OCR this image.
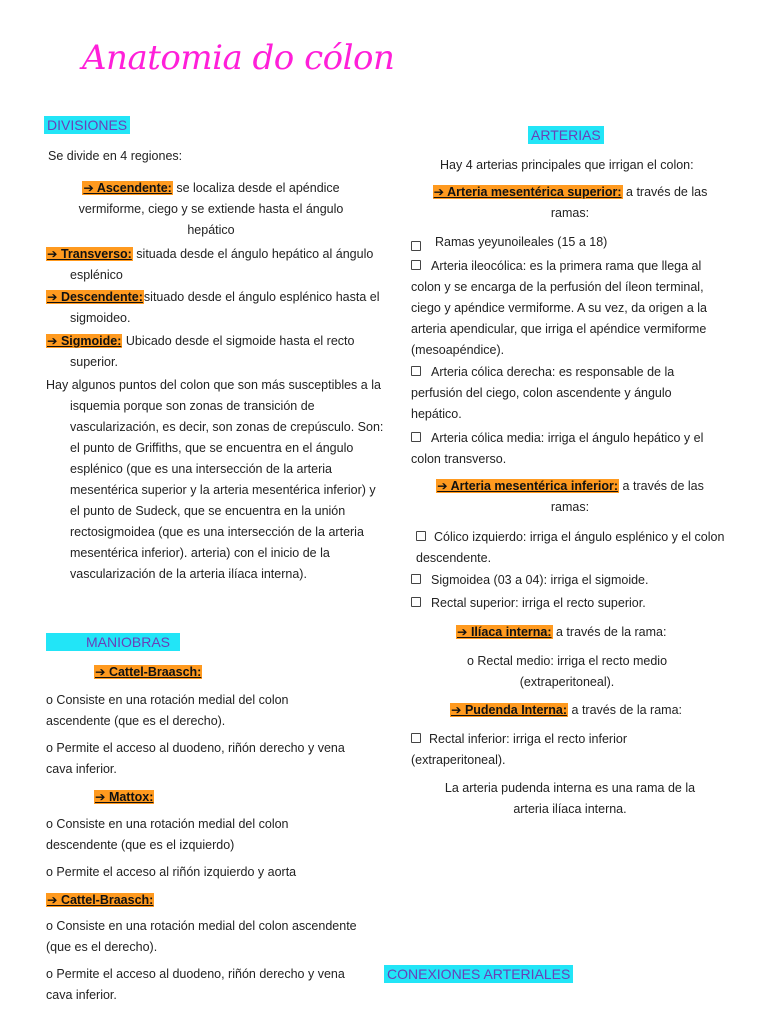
Anatomia do cólon
DIVISIONES
Se divide en 4 regiones:
➔ Ascendente: se localiza desde el apéndice vermiforme, ciego y se extiende hasta el ángulo hepático
➔ Transverso: situada desde el ángulo hepático al ángulo esplénico
➔ Descendente:situado desde el ángulo esplénico hasta el sigmoideo.
➔ Sigmoide: Ubicado desde el sigmoide hasta el recto superior.
Hay algunos puntos del colon que son más susceptibles a la isquemia porque son zonas de transición de vascularización, es decir, son zonas de crepúsculo. Son: el punto de Griffiths, que se encuentra en el ángulo esplénico (que es una intersección de la arteria mesentérica superior y la arteria mesentérica inferior) y el punto de Sudeck, que se encuentra en la unión rectosigmoidea (que es una intersección de la arteria mesentérica inferior). arteria) con el inicio de la vascularización de la arteria ilíaca interna).
MANIOBRAS
➔ Cattel-Braasch:
o Consiste en una rotación medial del colon ascendente (que es el derecho).
o Permite el acceso al duodeno, riñón derecho y vena cava inferior.
➔ Mattox:
o Consiste en una rotación medial del colon descendente (que es el izquierdo)
o Permite el acceso al riñón izquierdo y aorta
➔ Cattel-Braasch:
o Consiste en una rotación medial del colon ascendente (que es el derecho).
o Permite el acceso al duodeno, riñón derecho y vena cava inferior.
ARTERIAS
Hay 4 arterias principales que irrigan el colon:
➔ Arteria mesentérica superior: a través de las ramas:
Ramas yeyunoileales (15 a 18)
Arteria ileocólica: es la primera rama que llega al colon y se encarga de la perfusión del íleon terminal, ciego y apéndice vermiforme. A su vez, da origen a la arteria apendicular, que irriga el apéndice vermiforme (mesoapéndice).
Arteria cólica derecha: es responsable de la perfusión del ciego, colon ascendente y ángulo hepático.
Arteria cólica media: irriga el ángulo hepático y el colon transverso.
➔ Arteria mesentérica inferior: a través de las ramas:
Cólico izquierdo: irriga el ángulo esplénico y el colon descendente.
Sigmoidea (03 a 04): irriga el sigmoide.
Rectal superior: irriga el recto superior.
➔ Ilíaca interna: a través de la rama:
o Rectal medio: irriga el recto medio (extraperitoneal).
➔ Pudenda Interna: a través de la rama:
Rectal inferior: irriga el recto inferior (extraperitoneal).
La arteria pudenda interna es una rama de la arteria ilíaca interna.
CONEXIONES ARTERIALES
